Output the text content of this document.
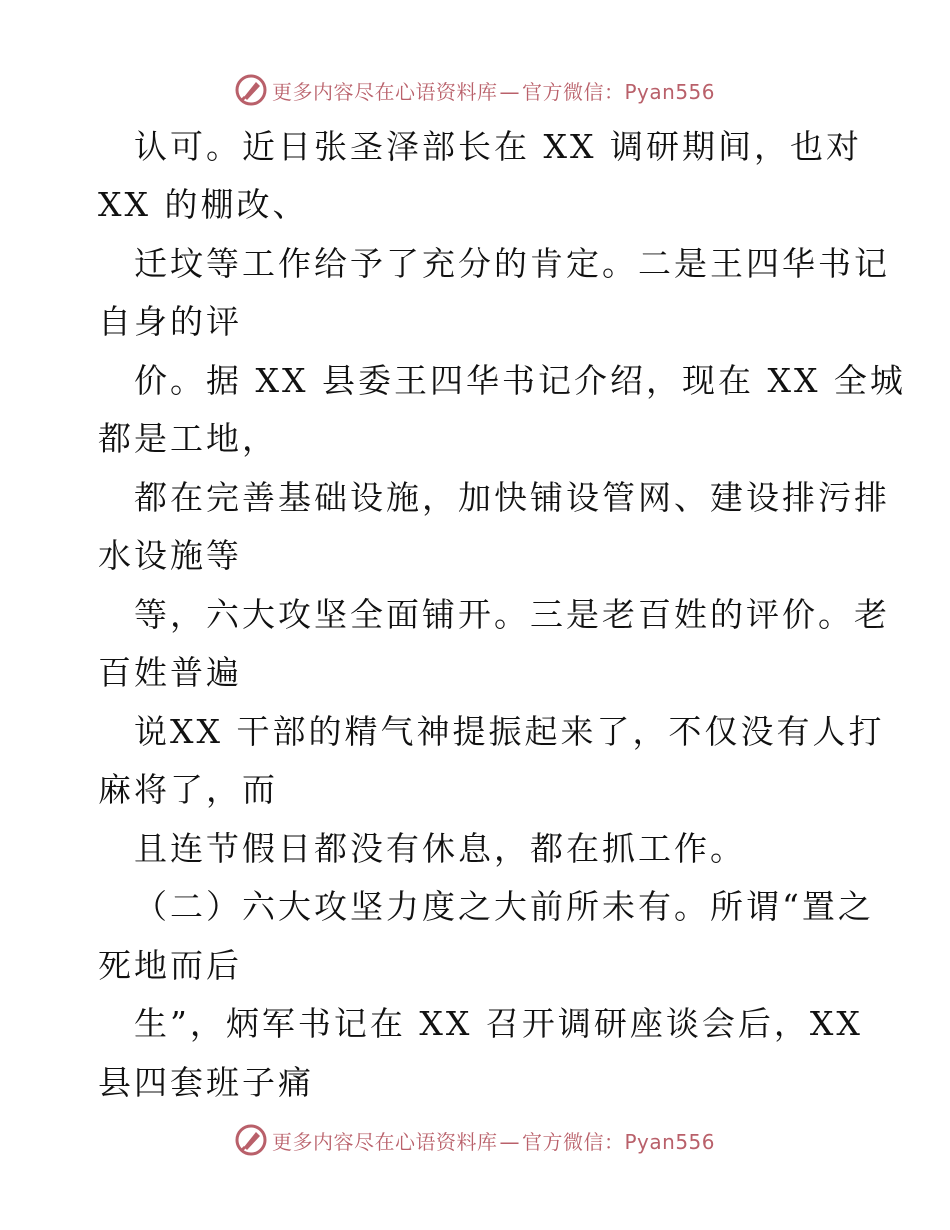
更多内容尽在心语资料库 — 官方微信：Pyan556
认可。近日张圣泽部长在 XX 调研期间，也对
XX 的棚改、
迁坟等工作给予了充分的肯定。二是王四华书记
自身的评
价。据 XX 县委王四华书记介绍，现在 XX 全城
都是工地，
都在完善基础设施，加快铺设管网、建设排污排
水设施等
等，六大攻坚全面铺开。三是老百姓的评价。老
百姓普遍
说XX 干部的精气神提振起来了，不仅没有人打
麻将了，而
且连节假日都没有休息，都在抓工作。
（二）六大攻坚力度之大前所未有。所谓“置之
死地而后
生”，炳军书记在 XX 召开调研座谈会后，XX
县四套班子痛
更多内容尽在心语资料库 — 官方微信：Pyan556
